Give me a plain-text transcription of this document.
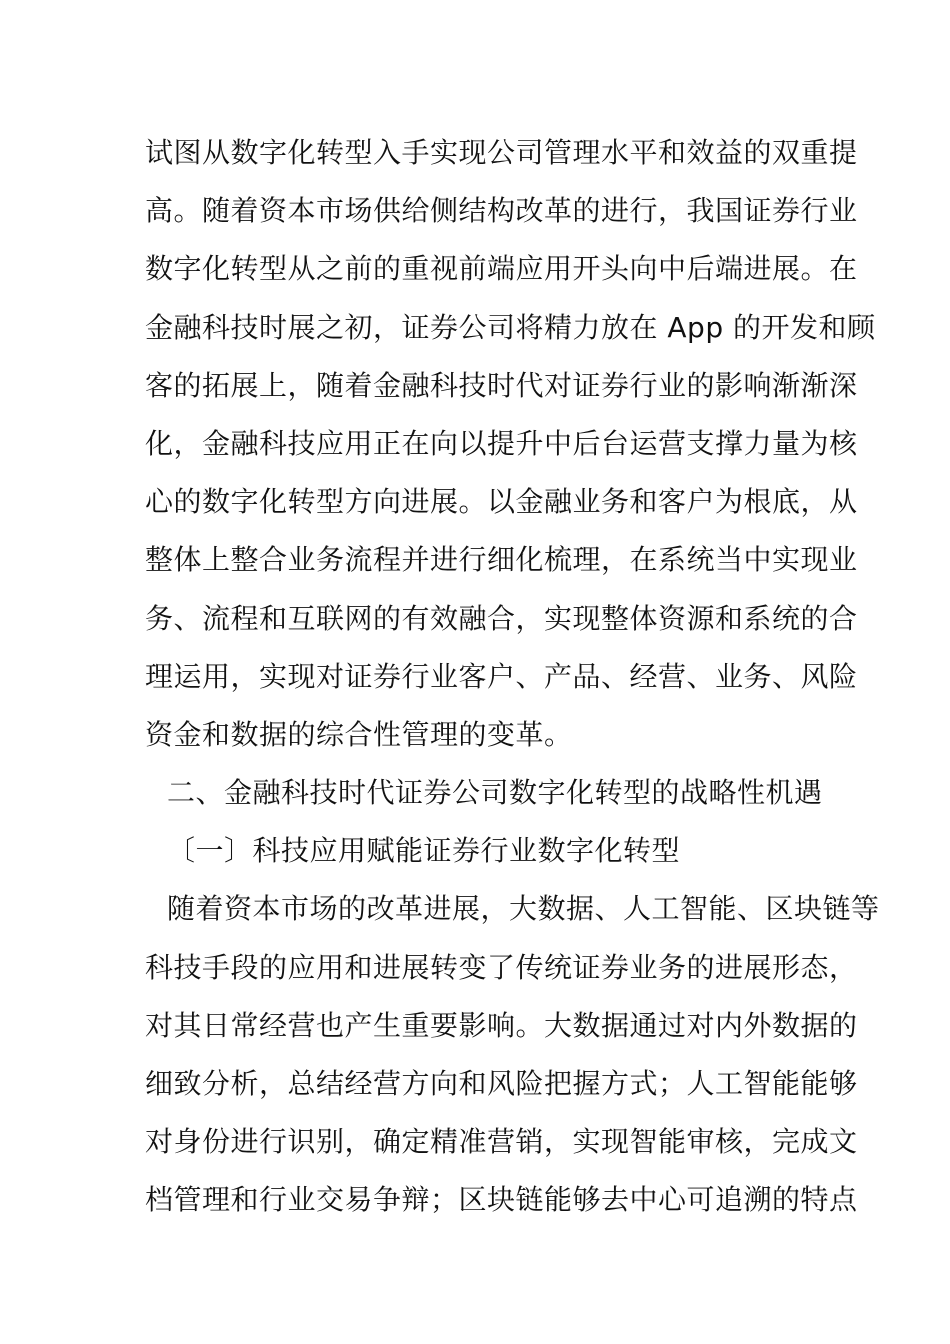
试图从数字化转型入手实现公司管理水平和效益的双重提
高。随着资本市场供给侧结构改革的进行，我国证券行业
数字化转型从之前的重视前端应用开头向中后端进展。在
金融科技时展之初，证券公司将精力放在 App 的开发和顾
客的拓展上，随着金融科技时代对证券行业的影响渐渐深
化，金融科技应用正在向以提升中后台运营支撑力量为核
心的数字化转型方向进展。以金融业务和客户为根底，从
整体上整合业务流程并进行细化梳理，在系统当中实现业
务、流程和互联网的有效融合，实现整体资源和系统的合
理运用，实现对证券行业客户、产品、经营、业务、风险
资金和数据的综合性管理的变革。
二、金融科技时代证券公司数字化转型的战略性机遇
〔一〕科技应用赋能证券行业数字化转型
随着资本市场的改革进展，大数据、人工智能、区块链等
科技手段的应用和进展转变了传统证券业务的进展形态，
对其日常经营也产生重要影响。大数据通过对内外数据的
细致分析，总结经营方向和风险把握方式；人工智能能够
对身份进行识别，确定精准营销，实现智能审核，完成文
档管理和行业交易争辩；区块链能够去中心可追溯的特点
